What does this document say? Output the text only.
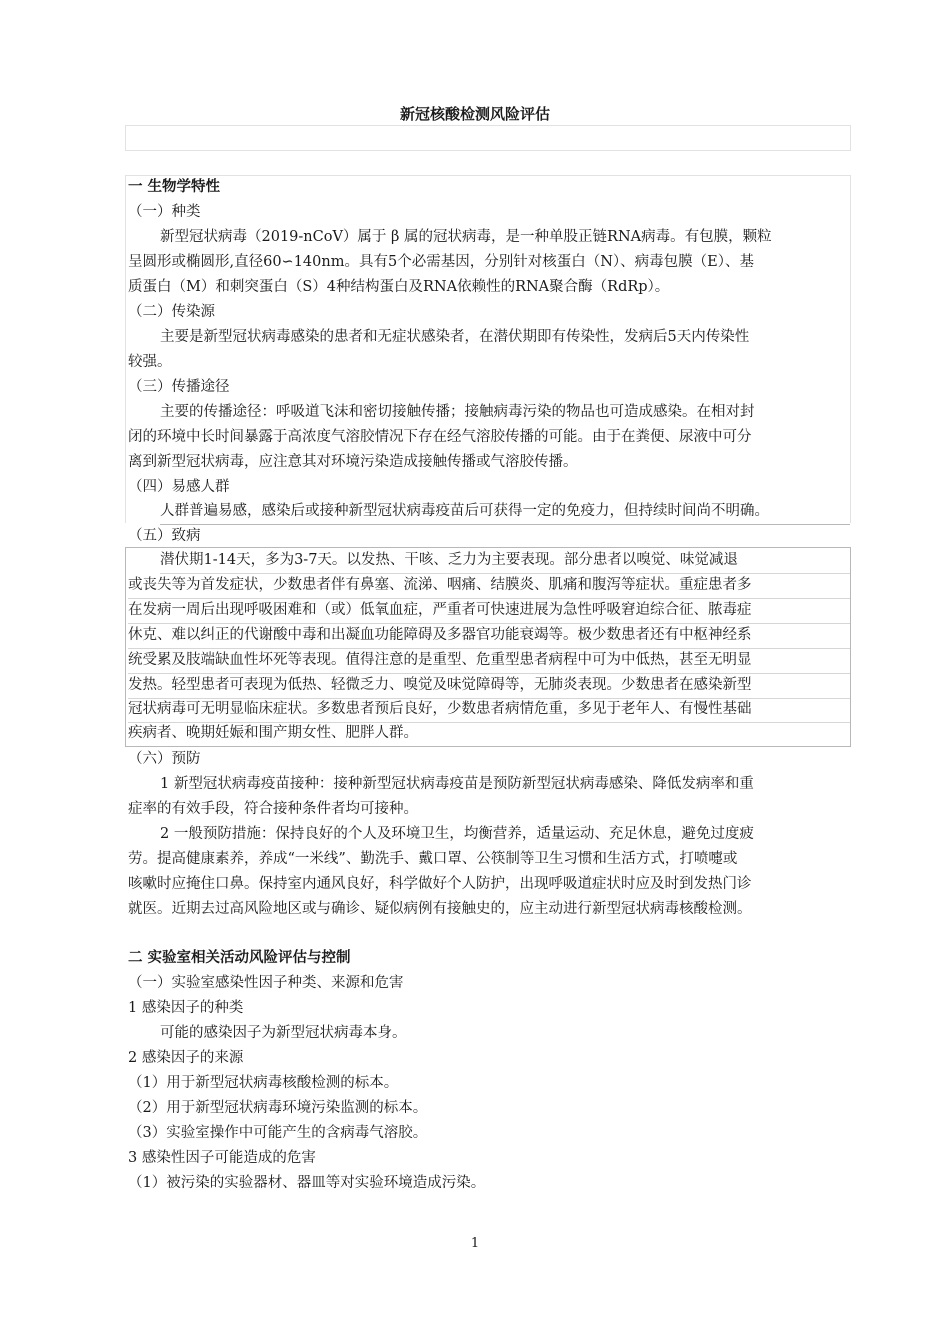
新冠核酸检测风险评估
一 生物学特性
（一）种类
新型冠状病毒（2019-nCoV）属于 β 属的冠状病毒，是一种单股正链RNA病毒。有包膜，颗粒
呈圆形或椭圆形,直径60∽140nm。具有5个必需基因，分别针对核蛋白（N）、病毒包膜（E）、基
质蛋白（M）和刺突蛋白（S）4种结构蛋白及RNA依赖性的RNA聚合酶（RdRp）。
（二）传染源
主要是新型冠状病毒感染的患者和无症状感染者，在潜伏期即有传染性，发病后5天内传染性
较强。
（三）传播途径
主要的传播途径：呼吸道飞沫和密切接触传播；接触病毒污染的物品也可造成感染。在相对封
闭的环境中长时间暴露于高浓度气溶胶情况下存在经气溶胶传播的可能。由于在粪便、尿液中可分
离到新型冠状病毒，应注意其对环境污染造成接触传播或气溶胶传播。
（四）易感人群
人群普遍易感，感染后或接种新型冠状病毒疫苗后可获得一定的免疫力，但持续时间尚不明确。
（五）致病
潜伏期1-14天，多为3-7天。以发热、干咳、乏力为主要表现。部分患者以嗅觉、味觉减退
或丧失等为首发症状，少数患者伴有鼻塞、流涕、咽痛、结膜炎、肌痛和腹泻等症状。重症患者多
在发病一周后出现呼吸困难和（或）低氧血症，严重者可快速进展为急性呼吸窘迫综合征、脓毒症
休克、难以纠正的代谢酸中毒和出凝血功能障碍及多器官功能衰竭等。极少数患者还有中枢神经系
统受累及肢端缺血性坏死等表现。值得注意的是重型、危重型患者病程中可为中低热，甚至无明显
发热。轻型患者可表现为低热、轻微乏力、嗅觉及味觉障碍等，无肺炎表现。少数患者在感染新型
冠状病毒可无明显临床症状。多数患者预后良好，少数患者病情危重，多见于老年人、有慢性基础
疾病者、晚期妊娠和围产期女性、肥胖人群。
（六）预防
1 新型冠状病毒疫苗接种：接种新型冠状病毒疫苗是预防新型冠状病毒感染、降低发病率和重
症率的有效手段，符合接种条件者均可接种。
2 一般预防措施：保持良好的个人及环境卫生，均衡营养，适量运动、充足休息，避免过度疲
劳。提高健康素养，养成“一米线”、勤洗手、戴口罩、公筷制等卫生习惯和生活方式，打喷嚏或
咳嗽时应掩住口鼻。保持室内通风良好，科学做好个人防护，出现呼吸道症状时应及时到发热门诊
就医。近期去过高风险地区或与确诊、疑似病例有接触史的，应主动进行新型冠状病毒核酸检测。
二 实验室相关活动风险评估与控制
（一）实验室感染性因子种类、来源和危害
1 感染因子的种类
可能的感染因子为新型冠状病毒本身。
2 感染因子的来源
（1）用于新型冠状病毒核酸检测的标本。
（2）用于新型冠状病毒环境污染监测的标本。
（3）实验室操作中可能产生的含病毒气溶胶。
3 感染性因子可能造成的危害
（1）被污染的实验器材、器皿等对实验环境造成污染。
1
